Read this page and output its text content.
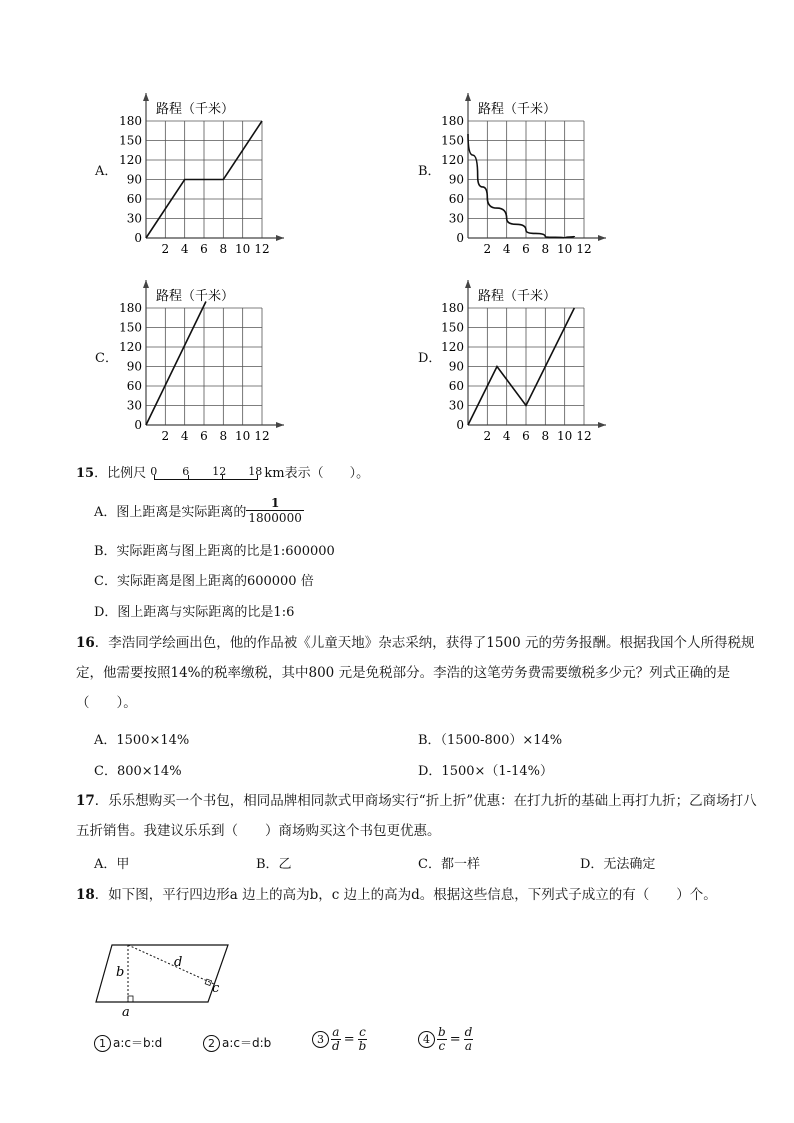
A．
路程（千米）
180
150
120
90
60
30
0
2 4 6 8 10 12
B．
路程（千米）
180
150
120
90
60
30
0
2 4 6 8 10 12
C．
路程（千米）
180
150
120
90
60
30
0
2 4 6 8 10 12
D．
路程（千米）
180
150
120
90
60
30
0
2 4 6 8 10 12
15．比例尺 0 6 12 18
km表示（　　）。
A．图上距离是实际距离的 $\frac{1}{1800000}$
B．实际距离与图上距离的比是1:600000
C．实际距离是图上距离的600000 倍
D．图上距离与实际距离的比是1:6
16．李浩同学绘画出色，他的作品被《儿童天地》杂志采纳，获得了1500 元的劳务报酬。根据我国个人所得税规定，他需要按照14%的税率缴税，其中800 元是免税部分。李浩的这笔劳务费需要缴税多少元？列式正确的是（　　）。
A．1500×14%	B．（1500-800）×14%
C．800×14%	D．1500×（1-14%）
17．乐乐想购买一个书包，相同品牌相同款式甲商场实行“折上折”优惠：在打九折的基础上再打九折；乙商场打八五折销售。我建议乐乐到（　　）商场购买这个书包更优惠。
A．甲	B．乙	C．都一样	D．无法确定
18．如下图，平行四边形a 边上的高为b，c 边上的高为d。根据这些信息，下列式子成立的有（　　）个。
b
d
c
a
1 a:c＝b:d	2 a:c＝d:b	$3 \frac{a}{d} = \frac{c}{b}$	$4 \frac{b}{c} = \frac{d}{a}$
